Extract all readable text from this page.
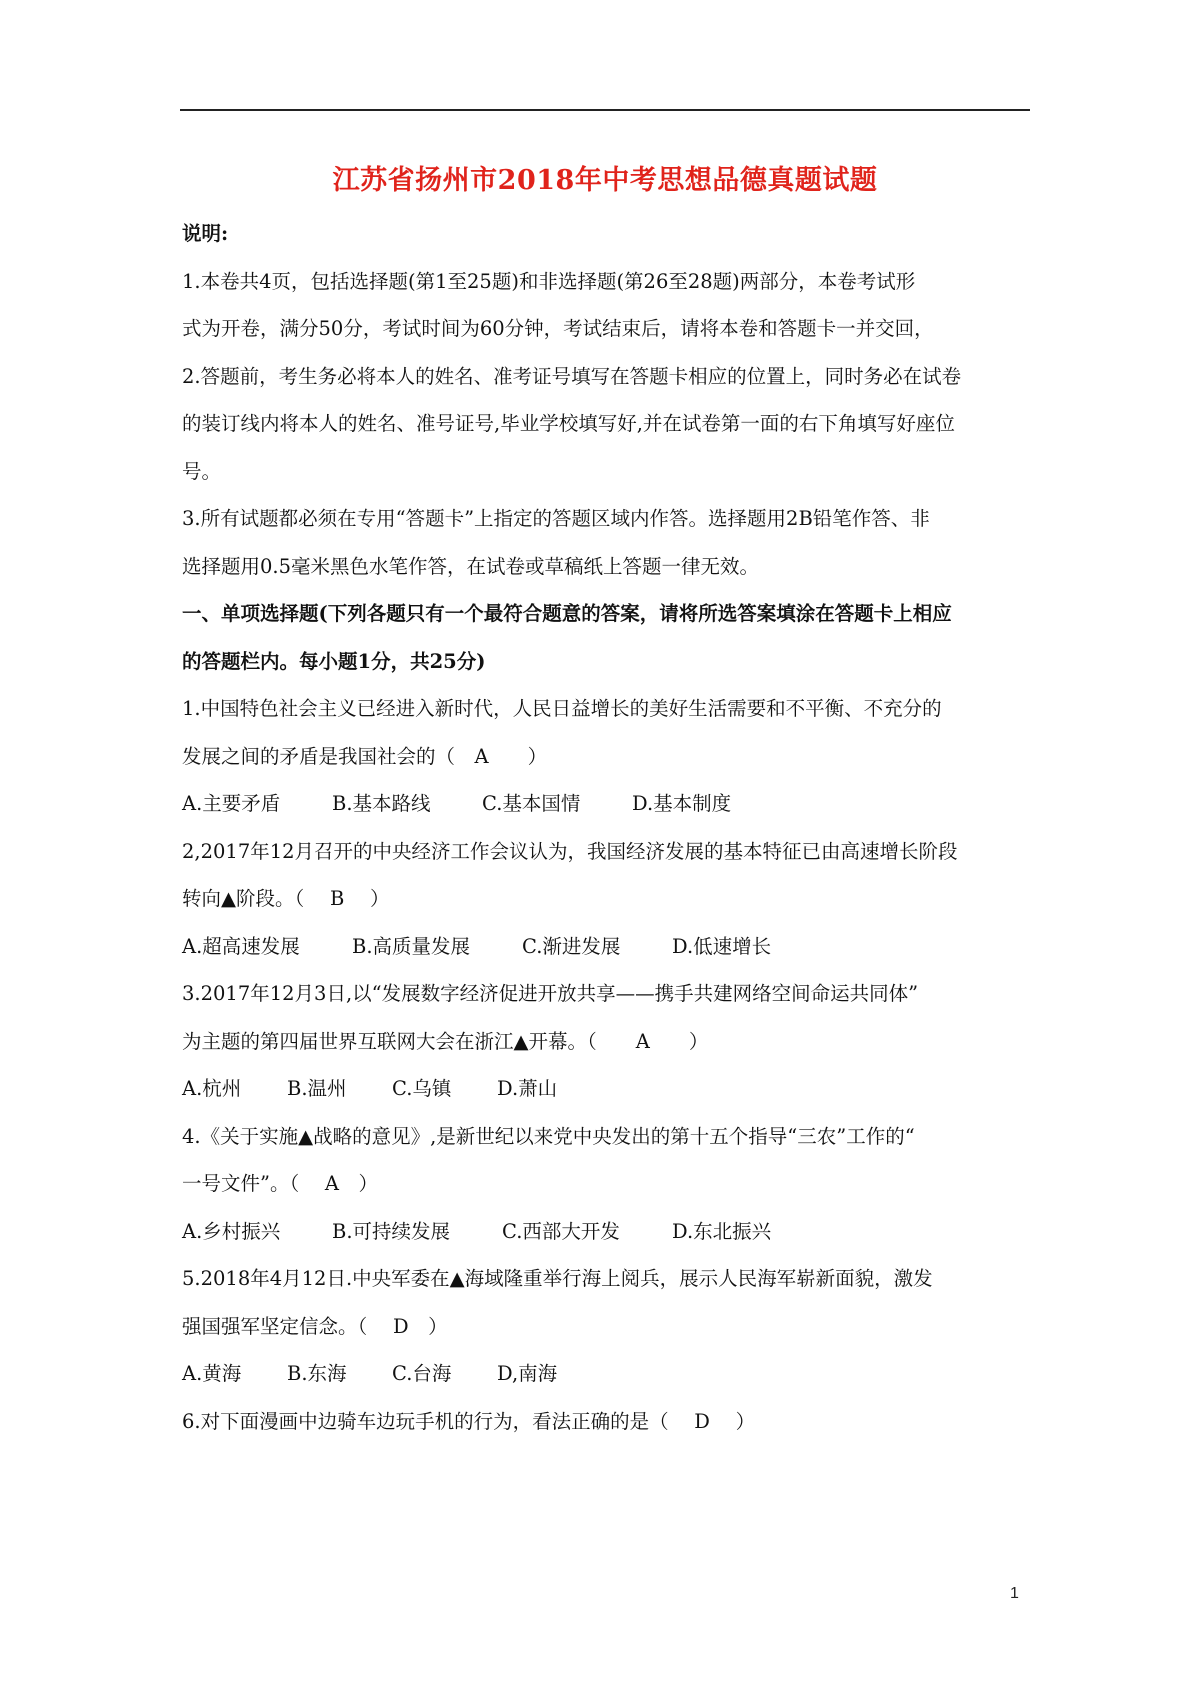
江苏省扬州市2018年中考思想品德真题试题
说明:
1.本卷共4页，包括选择题(第1至25题)和非选择题(第26至28题)两部分，本卷考试形
式为开卷，满分50分，考试时间为60分钟，考试结束后，请将本卷和答题卡一并交回，
2.答题前，考生务必将本人的姓名、准考证号填写在答题卡相应的位置上，同时务必在试卷
的装订线内将本人的姓名、准号证号,毕业学校填写好,并在试卷第一面的右下角填写好座位
号。
3.所有试题都必须在专用“答题卡”上指定的答题区域内作答。选择题用2B铅笔作答、非
选择题用0.5毫米黑色水笔作答，在试卷或草稿纸上答题一律无效。
一、单项选择题(下列各题只有一个最符合题意的答案，请将所选答案填涂在答题卡上相应
的答题栏内。每小题1分，共25分)
1.中国特色社会主义已经进入新时代，人民日益增长的美好生活需要和不平衡、不充分的
发展之间的矛盾是我国社会的（　A　　）
A.主要矛盾	B.基本路线	C.基本国情	D.基本制度
2,2017年12月召开的中央经济工作会议认为，我国经济发展的基本特征已由高速增长阶段
转向▲阶段。（　 B　 ）
A.超高速发展	B.高质量发展	C.渐进发展	D.低速增长
3.2017年12月3日,以“发展数字经济促进开放共享——携手共建网络空间命运共同体”
为主题的第四届世界互联网大会在浙江▲开幕。（　　A　　）
A.杭州 B.温州 C.乌镇 D.萧山
4.《关于实施▲战略的意见》,是新世纪以来党中央发出的第十五个指导“三农”工作的“
一号文件”。（　 A　）
A.乡村振兴	B.可持续发展	C.西部大开发	D.东北振兴
5.2018年4月12日.中央军委在▲海域隆重举行海上阅兵，展示人民海军崭新面貌，激发
强国强军坚定信念。（　 D　）
A.黄海 B.东海 C.台海 D,南海
6.对下面漫画中边骑车边玩手机的行为，看法正确的是（　 D　 ）
1
